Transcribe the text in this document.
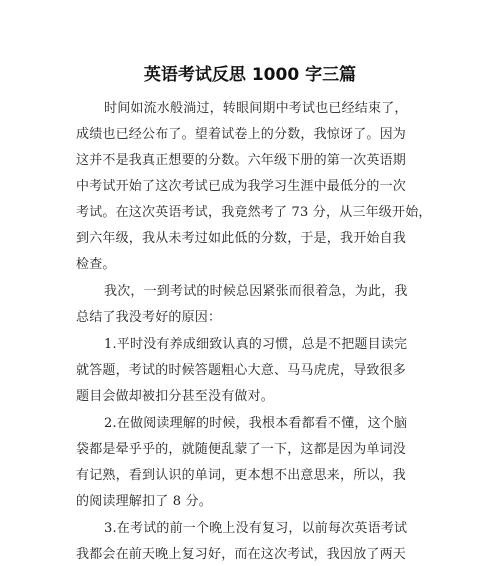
英语考试反思 1000 字三篇
时间如流水般淌过，转眼间期中考试也已经结束了，
成绩也已经公布了。望着试卷上的分数，我惊讶了。因为
这并不是我真正想要的分数。六年级下册的第一次英语期
中考试开始了这次考试已成为我学习生涯中最低分的一次
考试。在这次英语考试，我竟然考了 73 分，从三年级开始，
到六年级，我从未考过如此低的分数，于是，我开始自我
检查。
我次，一到考试的时候总因紧张而很着急，为此，我
总结了我没考好的原因：
1.平时没有养成细致认真的习惯，总是不把题目读完
就答题，考试的时候答题粗心大意、马马虎虎，导致很多
题目会做却被扣分甚至没有做对。
2.在做阅读理解的时候，我根本看都看不懂，这个脑
袋都是晕乎乎的，就随便乱蒙了一下，这都是因为单词没
有记熟，看到认识的单词，更本想不出意思来，所以，我
的阅读理解扣了 8 分。
3.在考试的前一个晚上没有复习，以前每次英语考试
我都会在前天晚上复习好，而在这次考试，我因放了两天
